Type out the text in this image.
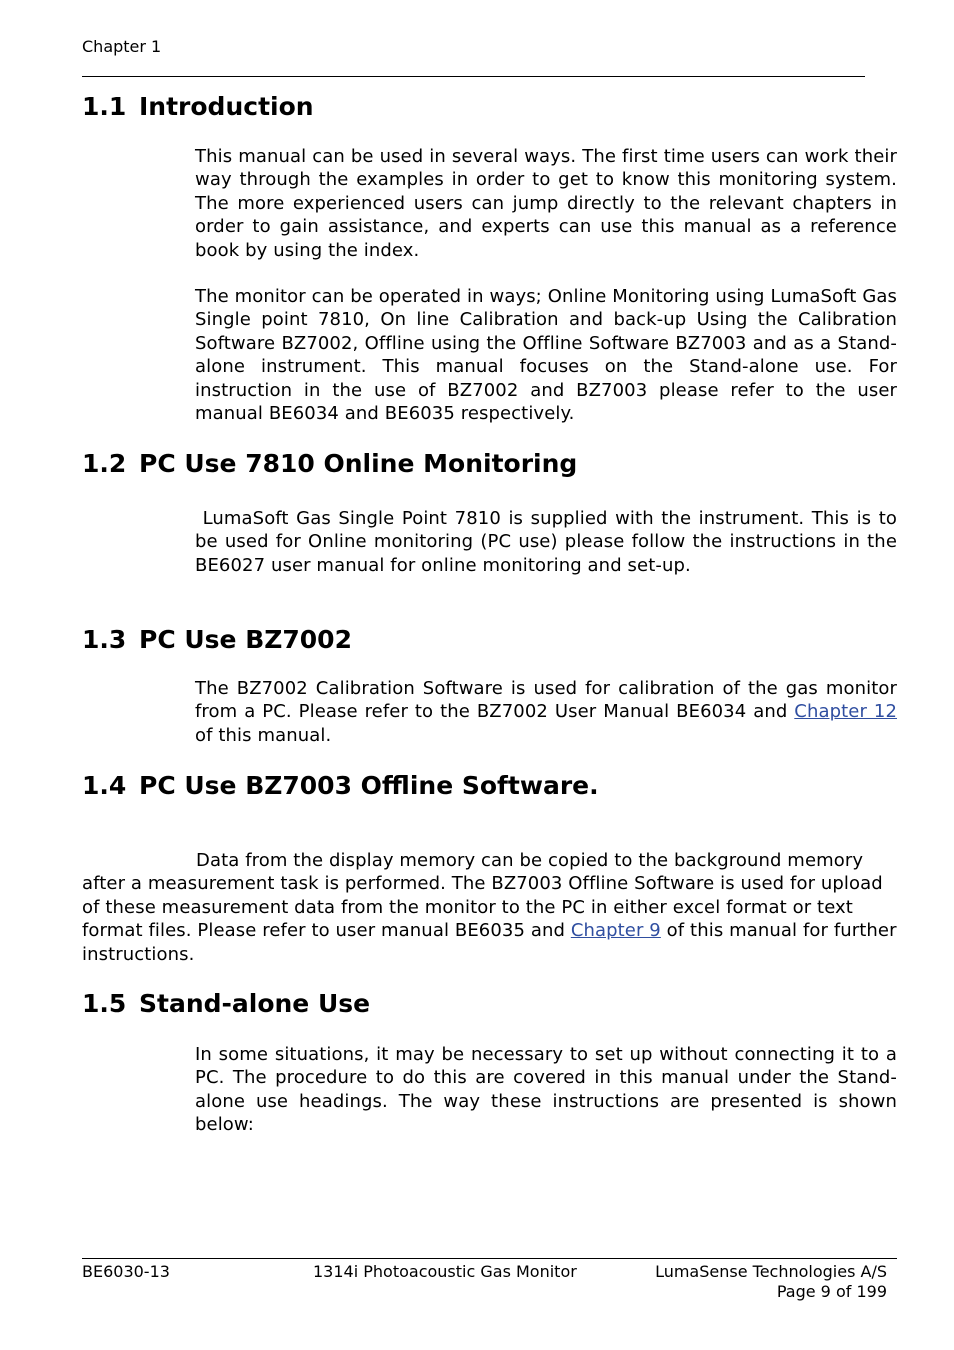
Chapter 1
1.1 Introduction

This manual can be used in several ways. The first time users can work their way through the examples in order to get to know this monitoring system. The more experienced users can jump directly to the relevant chapters in order to gain assistance, and experts can use this manual as a reference book by using the index.

The monitor can be operated in ways; Online Monitoring using LumaSoft Gas Single point 7810, On line Calibration and back-up Using the Calibration Software BZ7002, Offline using the Offline Software BZ7003 and as a Stand-alone instrument. This manual focuses on the Stand-alone use. For instruction in the use of BZ7002 and BZ7003 please refer to the user manual BE6034 and BE6035 respectively.

1.2 PC Use 7810 Online Monitoring

LumaSoft Gas Single Point 7810 is supplied with the instrument. This is to be used for Online monitoring (PC use) please follow the instructions in the BE6027 user manual for online monitoring and set-up.

1.3 PC Use BZ7002

The BZ7002 Calibration Software is used for calibration of the gas monitor from a PC. Please refer to the BZ7002 User Manual BE6034 and Chapter 12 of this manual.

1.4 PC Use BZ7003 Offline Software.

Data from the display memory can be copied to the background memory after a measurement task is performed. The BZ7003 Offline Software is used for upload of these measurement data from the monitor to the PC in either excel format or text format files. Please refer to user manual BE6035 and Chapter 9 of this manual for further instructions.

1.5 Stand-alone Use

In some situations, it may be necessary to set up without connecting it to a PC. The procedure to do this are covered in this manual under the Stand-alone use headings. The way these instructions are presented is shown below:

BE6030-13	1314i Photoacoustic Gas Monitor	LumaSense Technologies A/S
Page 9 of 199
